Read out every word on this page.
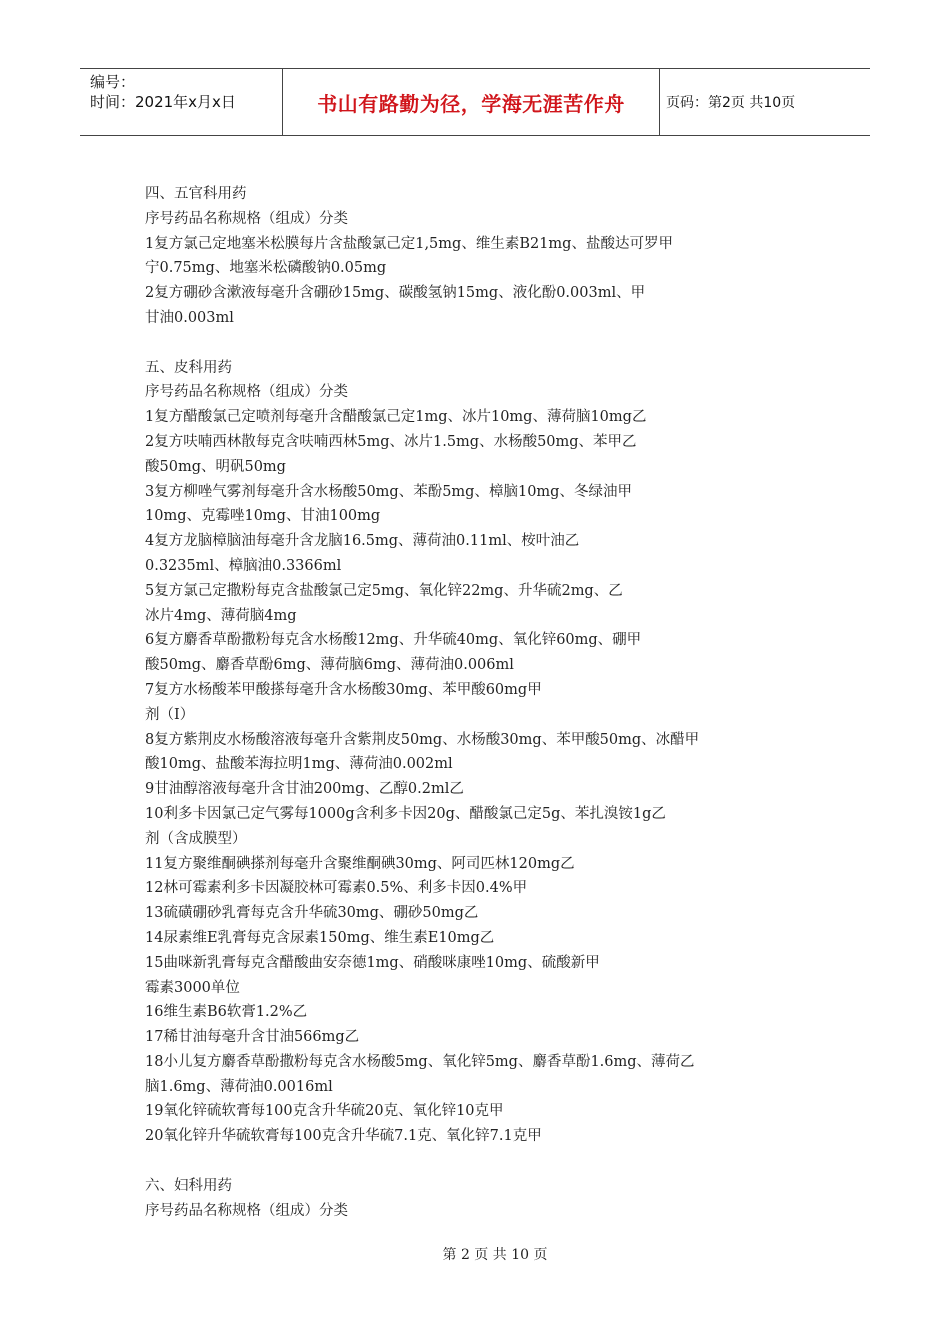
编号：
时间：2021年x月x日	书山有路勤为径，学海无涯苦作舟	页码：第2页 共10页
四、五官科用药
序号药品名称规格（组成）分类
1复方氯己定地塞米松膜每片含盐酸氯己定1,5mg、维生素B21mg、盐酸达可罗甲
宁0.75mg、地塞米松磷酸钠0.05mg
2复方硼砂含漱液每毫升含硼砂15mg、碳酸氢钠15mg、液化酚0.003ml、甲
甘油0.003ml
五、皮科用药
序号药品名称规格（组成）分类
1复方醋酸氯己定喷剂每毫升含醋酸氯己定1mg、冰片10mg、薄荷脑10mg乙
2复方呋喃西林散每克含呋喃西林5mg、冰片1.5mg、水杨酸50mg、苯甲乙
酸50mg、明矾50mg
3复方柳唑气雾剂每毫升含水杨酸50mg、苯酚5mg、樟脑10mg、冬绿油甲
10mg、克霉唑10mg、甘油100mg
4复方龙脑樟脑油每毫升含龙脑16.5mg、薄荷油0.11ml、桉叶油乙
0.3235ml、樟脑油0.3366ml
5复方氯己定撒粉每克含盐酸氯己定5mg、氧化锌22mg、升华硫2mg、乙
冰片4mg、薄荷脑4mg
6复方麝香草酚撒粉每克含水杨酸12mg、升华硫40mg、氧化锌60mg、硼甲
酸50mg、麝香草酚6mg、薄荷脑6mg、薄荷油0.006ml
7复方水杨酸苯甲酸搽每毫升含水杨酸30mg、苯甲酸60mg甲
剂（I）
8复方紫荆皮水杨酸溶液每毫升含紫荆皮50mg、水杨酸30mg、苯甲酸50mg、冰醋甲
酸10mg、盐酸苯海拉明1mg、薄荷油0.002ml
9甘油醇溶液每毫升含甘油200mg、乙醇0.2ml乙
10利多卡因氯己定气雾每1000g含利多卡因20g、醋酸氯己定5g、苯扎溴铵1g乙
剂（含成膜型）
11复方聚维酮碘搽剂每毫升含聚维酮碘30mg、阿司匹林120mg乙
12林可霉素利多卡因凝胶林可霉素0.5%、利多卡因0.4%甲
13硫磺硼砂乳膏每克含升华硫30mg、硼砂50mg乙
14尿素维E乳膏每克含尿素150mg、维生素E10mg乙
15曲咪新乳膏每克含醋酸曲安奈德1mg、硝酸咪康唑10mg、硫酸新甲
霉素3000单位
16维生素B6软膏1.2%乙
17稀甘油每毫升含甘油566mg乙
18小儿复方麝香草酚撒粉每克含水杨酸5mg、氧化锌5mg、麝香草酚1.6mg、薄荷乙
脑1.6mg、薄荷油0.0016ml
19氧化锌硫软膏每100克含升华硫20克、氧化锌10克甲
20氧化锌升华硫软膏每100克含升华硫7.1克、氧化锌7.1克甲
六、妇科用药
序号药品名称规格（组成）分类
第 2 页 共 10 页
